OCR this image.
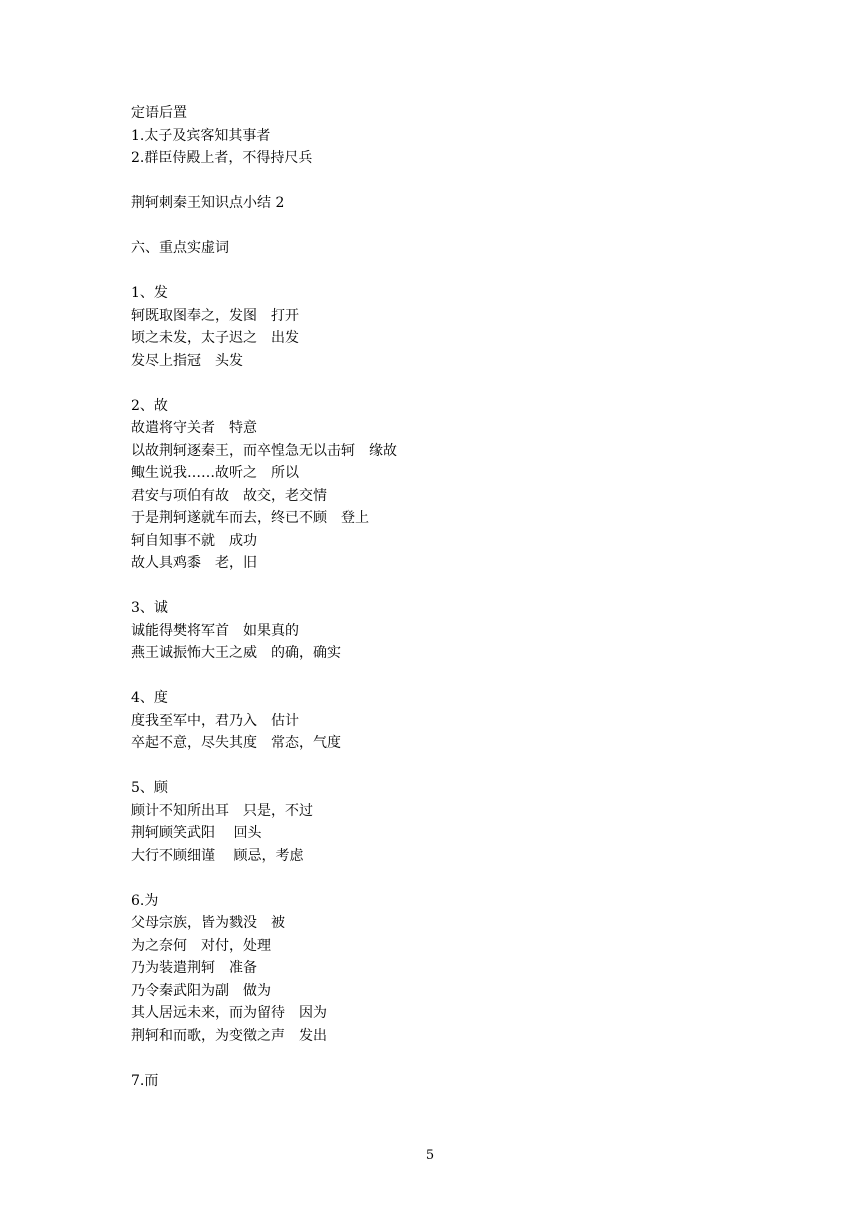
定语后置
1.太子及宾客知其事者
2.群臣侍殿上者，不得持尺兵
荆轲刺秦王知识点小结 2
六、重点实虚词
1、发
轲既取图奉之，发图　打开
顷之未发，太子迟之　出发
发尽上指冠　头发
2、故
故遣将守关者　特意
以故荆轲逐秦王，而卒惶急无以击轲　缘故
鲰生说我……故听之　所以
君安与项伯有故　故交，老交情
于是荆轲遂就车而去，终已不顾　登上
轲自知事不就　成功
故人具鸡黍　老，旧
3、诚
诚能得樊将军首　如果真的
燕王诚振怖大王之威　的确，确实
4、度
度我至军中，君乃入　估计
卒起不意，尽失其度　常态，气度
5、顾
顾计不知所出耳　只是，不过
荆轲顾笑武阳　 回头
大行不顾细谨　 顾忌，考虑
6.为
父母宗族，皆为戮没　被
为之奈何　对付，处理
乃为装遣荆轲　准备
乃令秦武阳为副　做为
其人居远未来，而为留待　因为
荆轲和而歌，为变徵之声　发出
7.而
5
